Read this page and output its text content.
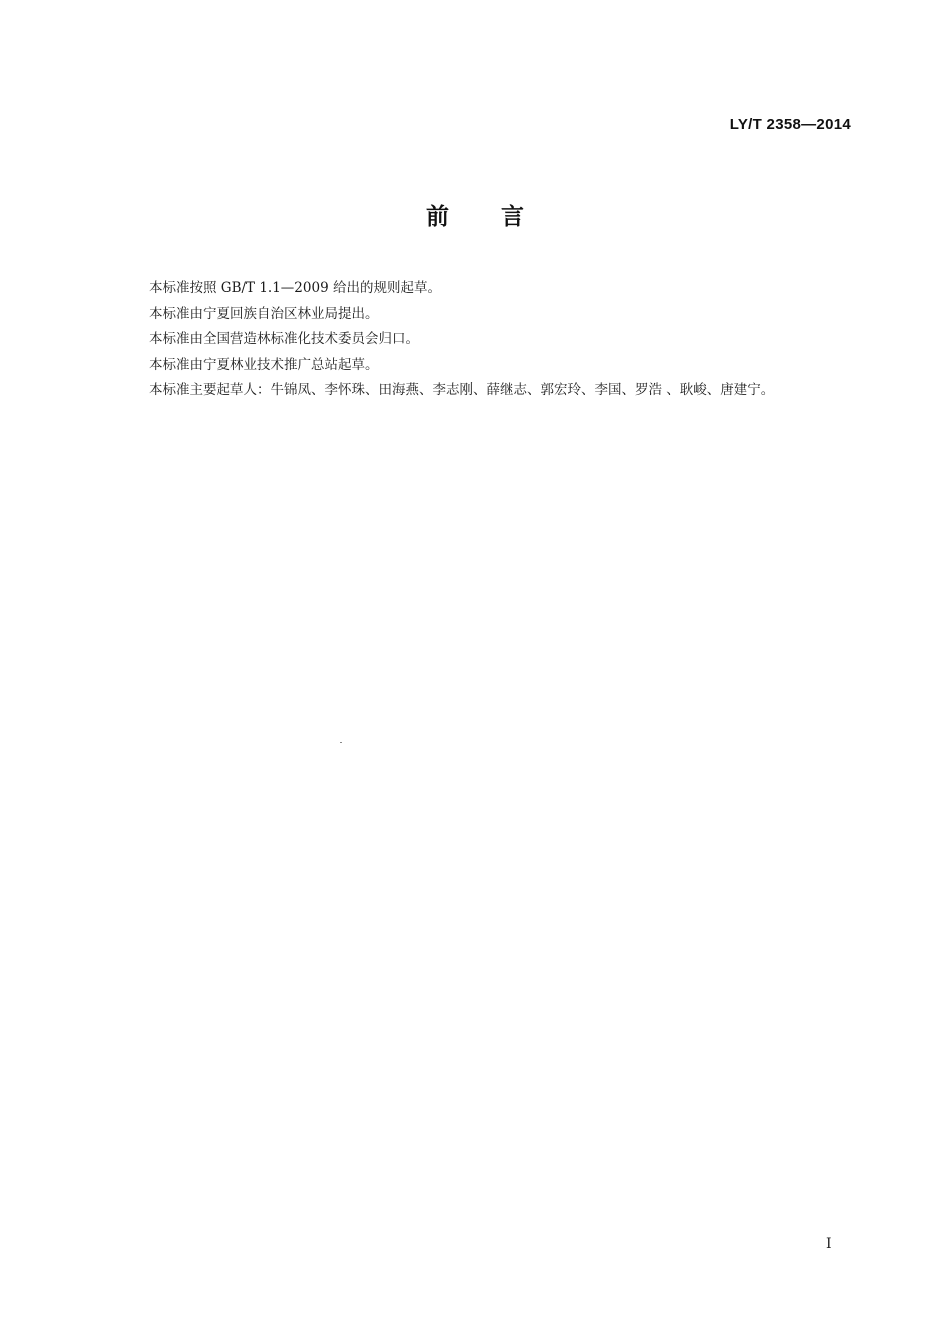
LY/T 2358—2014
前 言

本标准按照 GB/T 1.1—2009 给出的规则起草。

本标准由宁夏回族自治区林业局提出。

本标准由全国营造林标准化技术委员会归口。

本标准由宁夏林业技术推广总站起草。

本标准主要起草人：牛锦凤、李怀珠、田海燕、李志刚、薛继志、郭宏玲、李国、罗浩 、耿峻、唐建宁。

I
